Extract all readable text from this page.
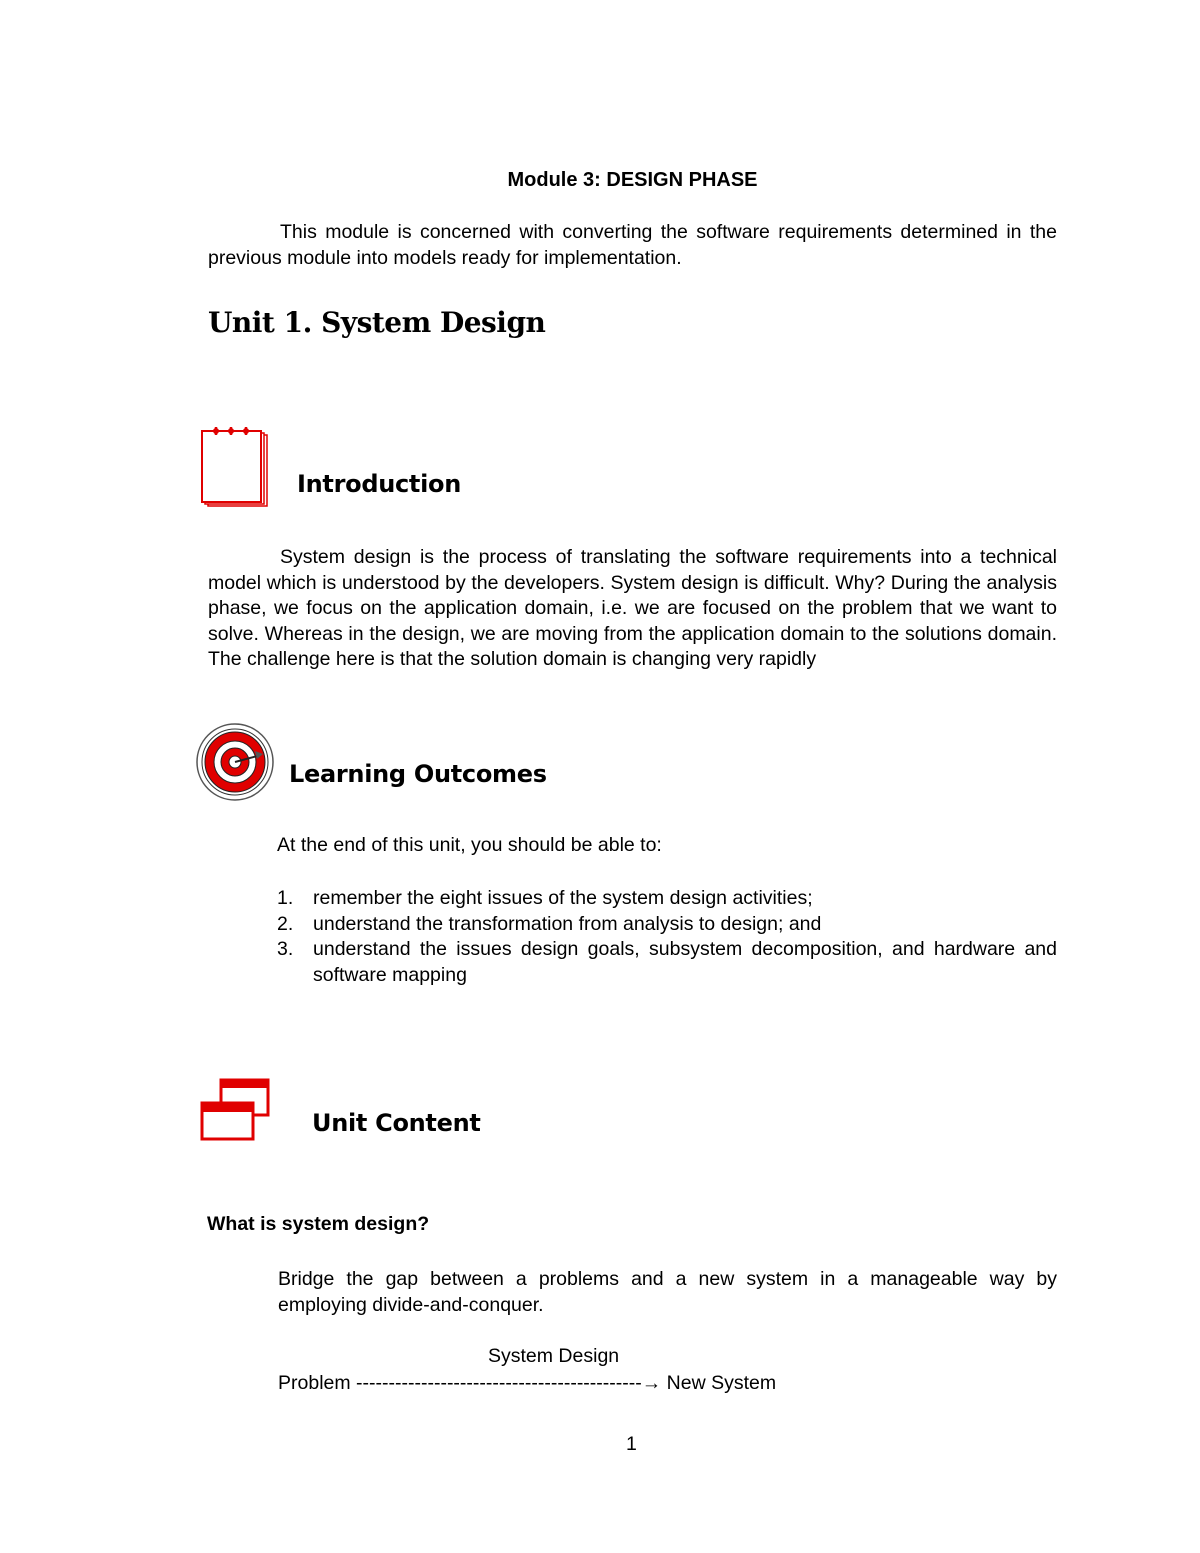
Module 3: DESIGN PHASE
This module is concerned with converting the software requirements determined in the previous module into models ready for implementation.
Unit 1. System Design
Introduction
System design is the process of translating the software requirements into a technical model which is understood by the developers. System design is difficult. Why? During the analysis phase, we focus on the application domain, i.e. we are focused on the problem that we want to solve. Whereas in the design, we are moving from the application domain to the solutions domain. The challenge here is that the solution domain is changing very rapidly
Learning Outcomes
At the end of this unit, you should be able to:
1. remember the eight issues of the system design activities;
2. understand the transformation from analysis to design; and
3. understand the issues design goals, subsystem decomposition, and hardware and software mapping
Unit Content
What is system design?
Bridge the gap between a problems and a new system in a manageable way by employing divide-and-conquer.
System Design
Problem --------------------------------------------→ New System
1
